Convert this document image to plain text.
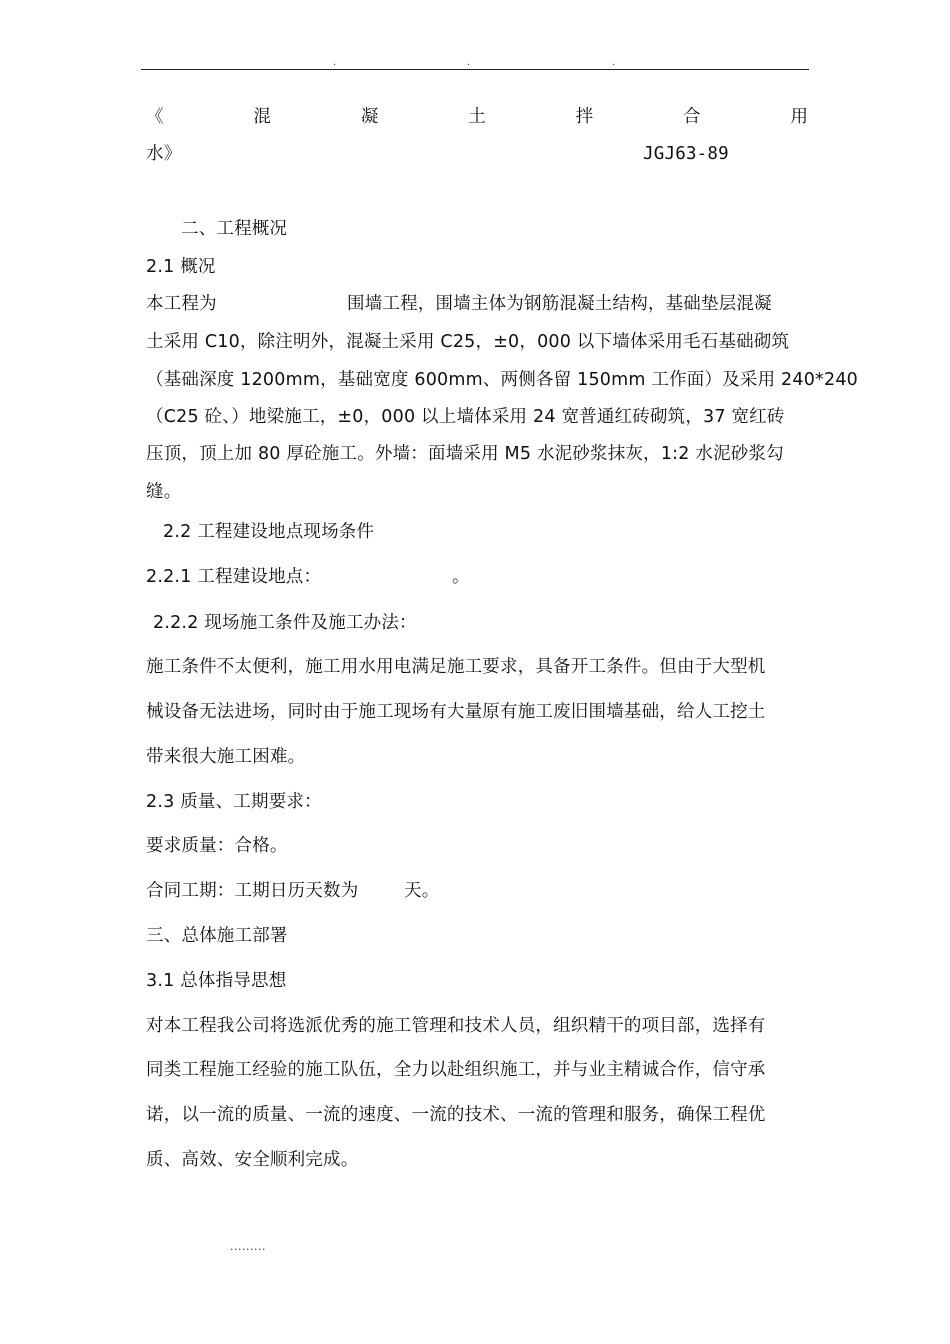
.	.	.
《	混	凝	土	拌	合	用
水》	JGJ63-89
二、工程概况
2.1 概况
本工程为	围墙工程，围墙主体为钢筋混凝土结构，基础垫层混凝
土采用 C10，除注明外，混凝土采用 C25，±0，000 以下墙体采用毛石基础砌筑
（基础深度 1200mm，基础宽度 600mm、两侧各留 150mm 工作面）及采用 240*240
（C25 砼、）地梁施工，±0，000 以上墙体采用 24 宽普通红砖砌筑，37 宽红砖
压顶，顶上加 80 厚砼施工。外墙：面墙采用 M5 水泥砂浆抹灰，1:2 水泥砂浆勾
缝。
2.2 工程建设地点现场条件
2.2.1 工程建设地点：	。
2.2.2 现场施工条件及施工办法：
施工条件不太便利，施工用水用电满足施工要求，具备开工条件。但由于大型机
械设备无法进场，同时由于施工现场有大量原有施工废旧围墙基础，给人工挖土
带来很大施工困难。
2.3 质量、工期要求：
要求质量：合格。
合同工期：工期日历天数为	天。
三、总体施工部署
3.1 总体指导思想
对本工程我公司将选派优秀的施工管理和技术人员，组织精干的项目部，选择有
同类工程施工经验的施工队伍，全力以赴组织施工，并与业主精诚合作，信守承
诺，以一流的质量、一流的速度、一流的技术、一流的管理和服务，确保工程优
质、高效、安全顺利完成。
.........
